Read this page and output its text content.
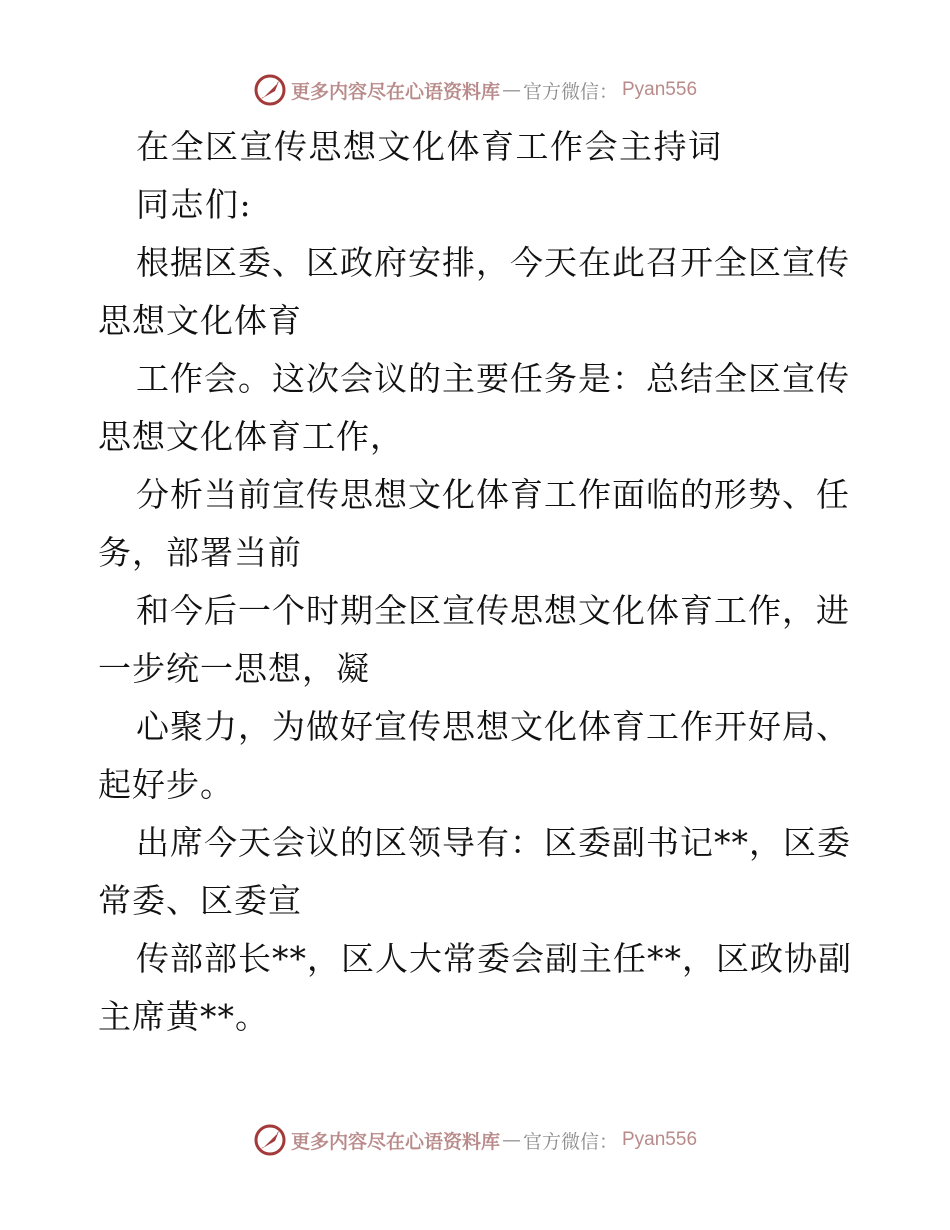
更多内容尽在心语资料库 — 官方微信： Pyan556

在全区宣传思想文化体育工作会主持词

同志们:

根据区委、区政府安排，今天在此召开全区宣传

思想文化体育

工作会。这次会议的主要任务是：总结全区宣传

思想文化体育工作，

分析当前宣传思想文化体育工作面临的形势、任

务，部署当前

和今后一个时期全区宣传思想文化体育工作，进

一步统一思想，凝

心聚力，为做好宣传思想文化体育工作开好局、

起好步。

出席今天会议的区领导有：区委副书记**，区委

常委、区委宣

传部部长**，区人大常委会副主任**，区政协副

主席黄**。

更多内容尽在心语资料库 — 官方微信： Pyan556
